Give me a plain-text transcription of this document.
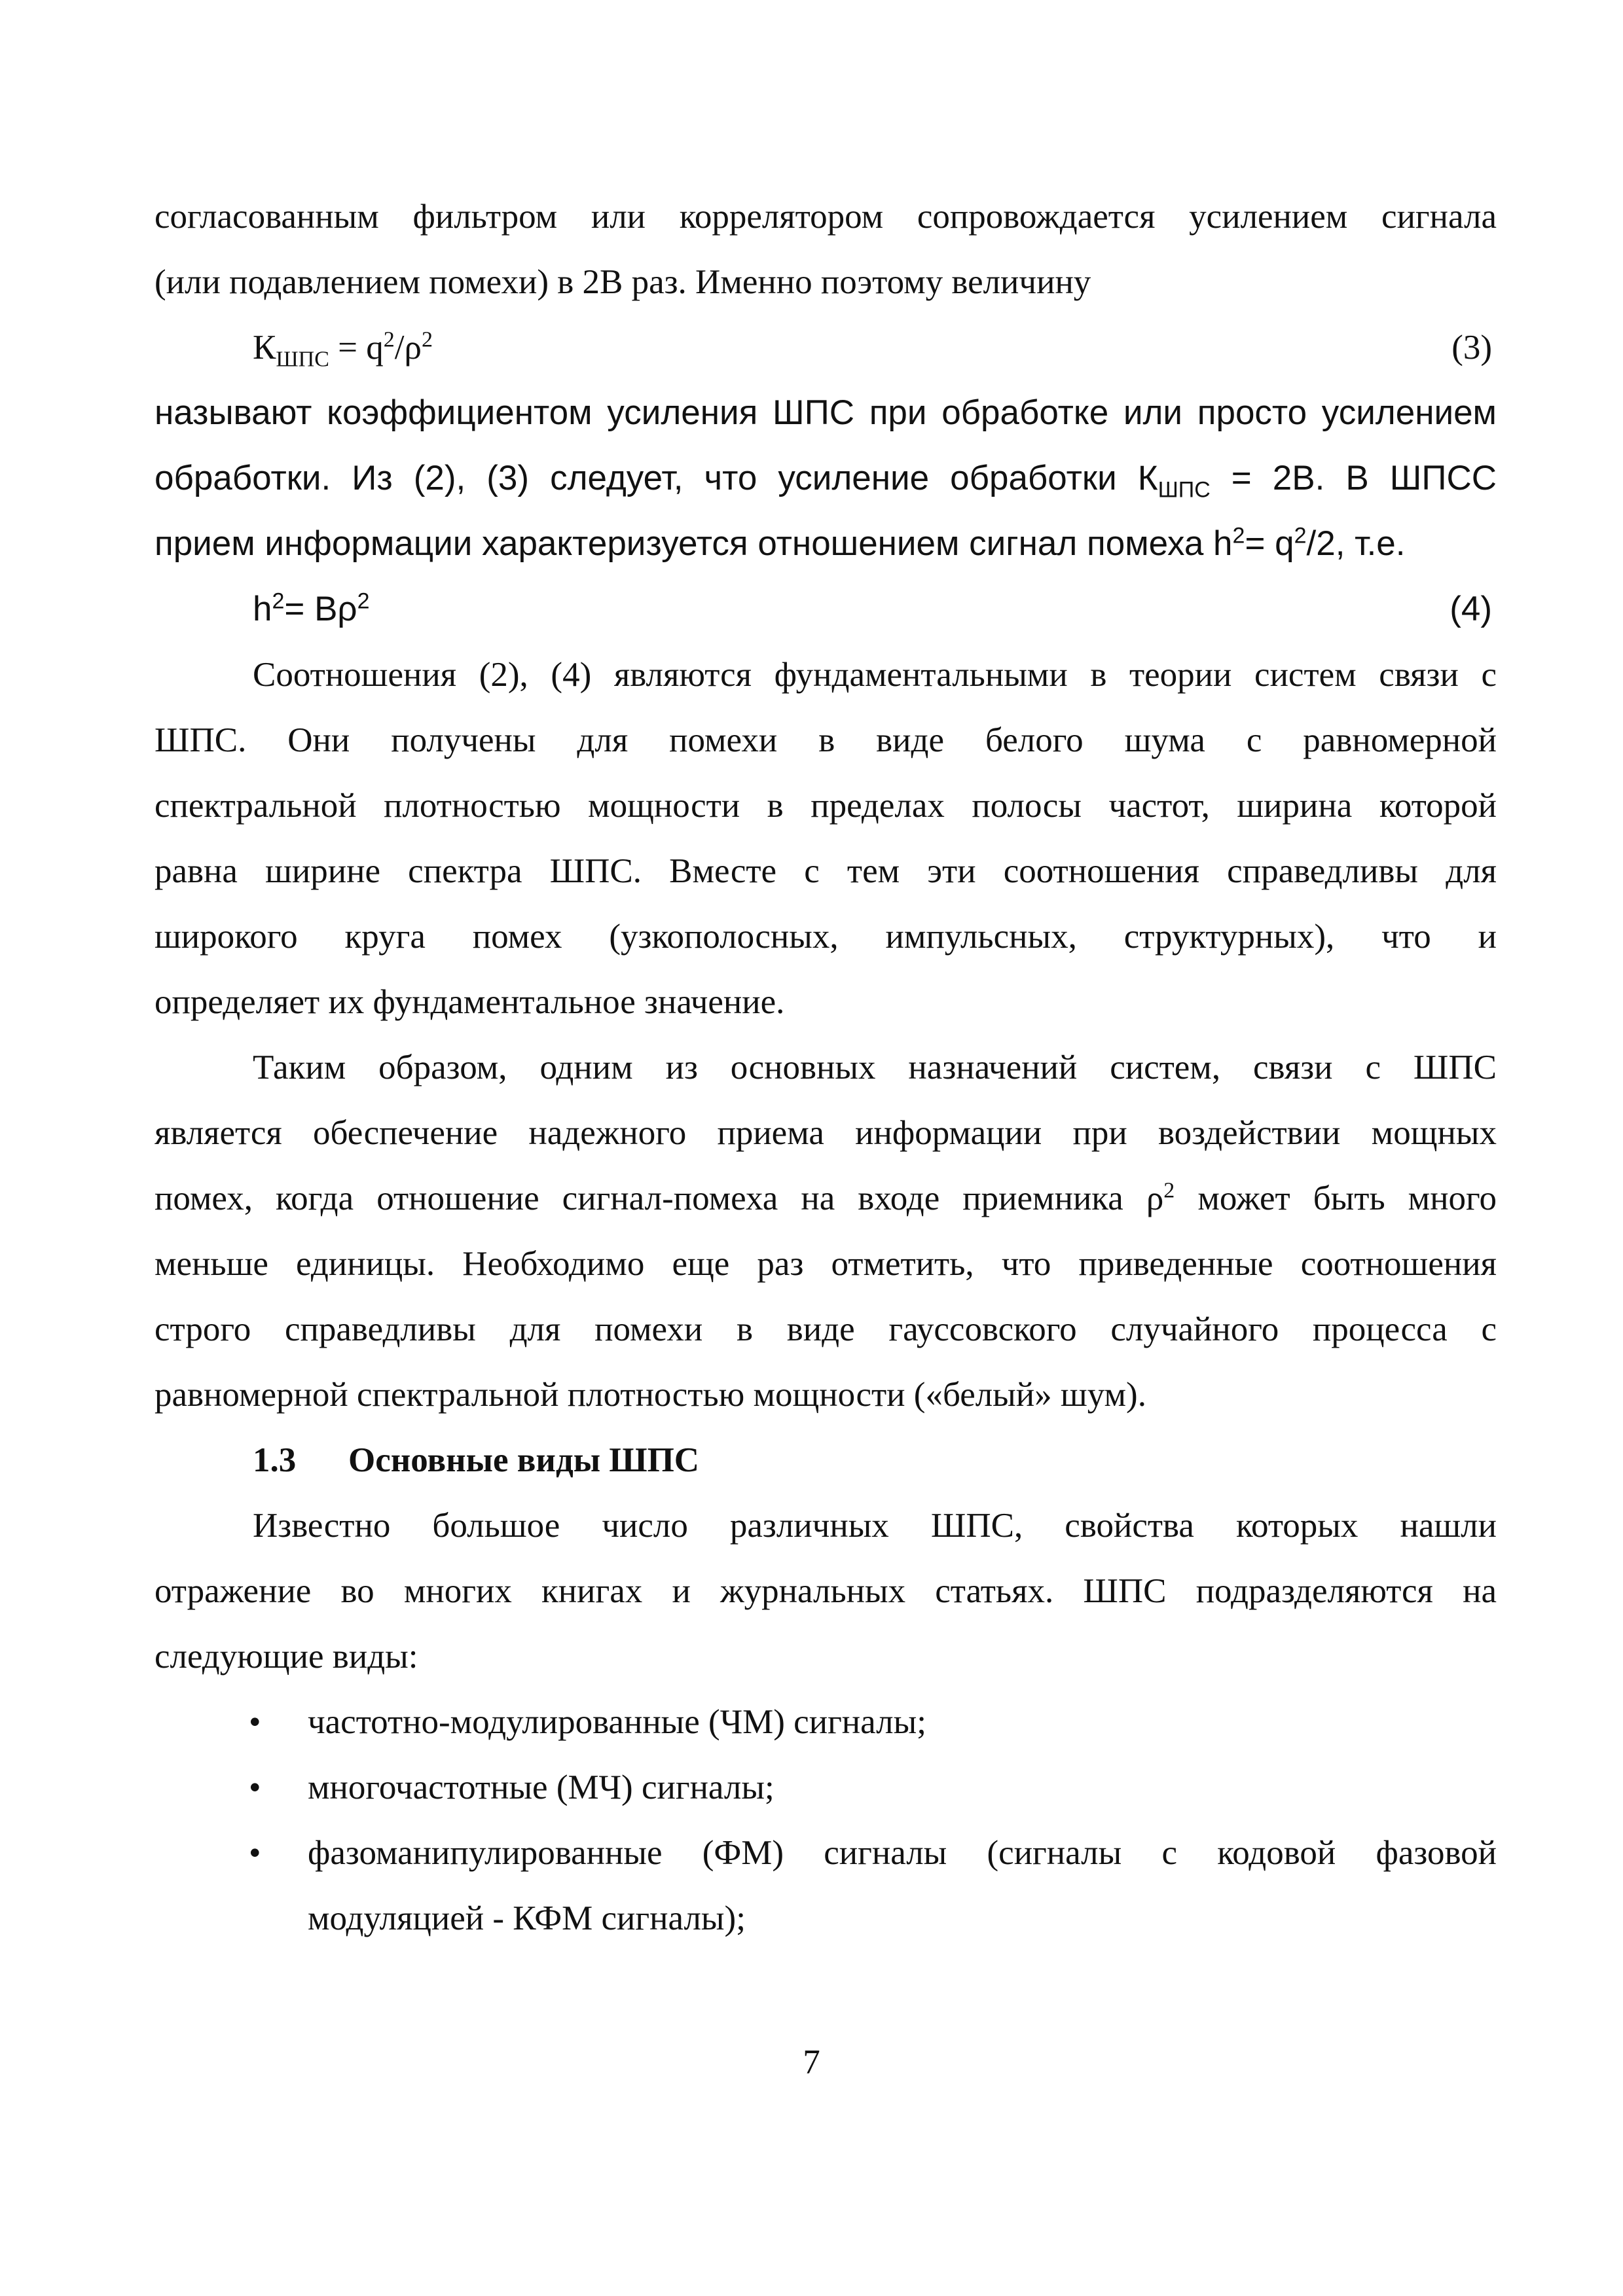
согласованным фильтром или коррелятором сопровождается усилением сигнала
(или подавлением помехи) в 2В раз. Именно поэтому величину
$К_{ШПС} = q^2/\rho^2$	(3)
называют коэффициентом усиления ШПС при обработке или просто усилением
обработки. Из (2), (3) следует, что усиление обработки $К_{ШПС} = 2В$. В ШПСС
прием информации характеризуется отношением сигнал помеха $h^2= q^2/2$, т.е.
$h^2= В\rho^2$	(4)
Соотношения (2), (4) являются фундаментальными в теории систем связи с
ШПС. Они получены для помехи в виде белого шума с равномерной
спектральной плотностью мощности в пределах полосы частот, ширина которой
равна ширине спектра ШПС. Вместе с тем эти соотношения справедливы для
широкого круга помех (узкополосных, импульсных, структурных), что и
определяет их фундаментальное значение.
Таким образом, одним из основных назначений систем, связи с ШПС
является обеспечение надежного приема информации при воздействии мощных
помех, когда отношение сигнал-помеха на входе приемника $\rho^2$ может быть много
меньше единицы. Необходимо еще раз отметить, что приведенные соотношения
строго справедливы для помехи в виде гауссовского случайного процесса с
равномерной спектральной плотностью мощности («белый» шум).
1.3 Основные виды ШПС
Известно большое число различных ШПС, свойства которых нашли
отражение во многих книгах и журнальных статьях. ШПС подразделяются на
следующие виды:
• частотно-модулированные (ЧМ) сигналы;
• многочастотные (МЧ) сигналы;
• фазоманипулированные (ФМ) сигналы (сигналы с кодовой фазовой
модуляцией - КФМ сигналы);
7
